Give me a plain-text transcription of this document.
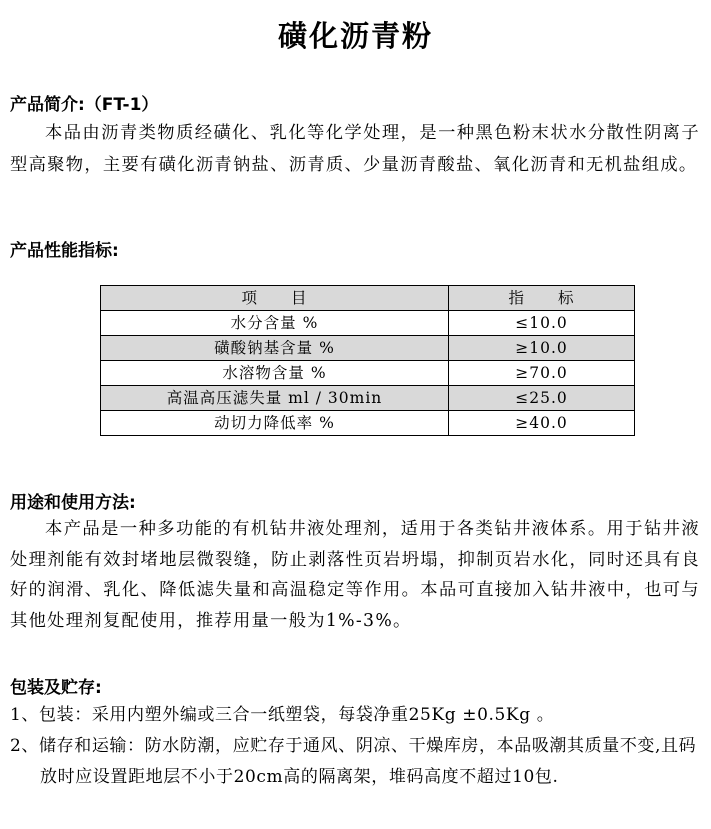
磺化沥青粉
产品简介:（FT-1）
本品由沥青类物质经磺化、乳化等化学处理，是一种黑色粉末状水分散性阴离子型高聚物，主要有磺化沥青钠盐、沥青质、少量沥青酸盐、氧化沥青和无机盐组成。
产品性能指标:
项　　目	指　　标
水分含量 %	≤10.0
磺酸钠基含量 %	≥10.0
水溶物含量 %	≥70.0
高温高压滤失量 ml / 30min	≤25.0
动切力降低率 %	≥40.0
用途和使用方法:
本产品是一种多功能的有机钻井液处理剂，适用于各类钻井液体系。用于钻井液处理剂能有效封堵地层微裂缝，防止剥落性页岩坍塌，抑制页岩水化，同时还具有良好的润滑、乳化、降低滤失量和高温稳定等作用。本品可直接加入钻井液中，也可与其他处理剂复配使用，推荐用量一般为1%-3%。
包装及贮存:
1、包装：采用内塑外编或三合一纸塑袋，每袋净重25Kg ±0.5Kg 。
2、储存和运输：防水防潮，应贮存于通风、阴凉、干燥库房，本品吸潮其质量不变,且码放时应设置距地层不小于20cm高的隔离架，堆码高度不超过10包.
